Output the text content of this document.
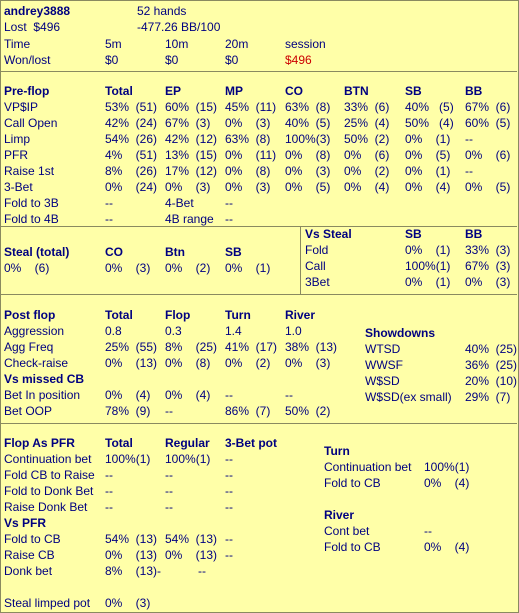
andrey3888	52 hands
Lost  $496	-477.26 BB/100
Time	5m	10m	20m	session
Won/lost	$0	$0	$0	$496
Pre-flop	Total	EP	MP	CO	BTN	SB	BB
VP$IP	53%  (51) 60%  (15) 45%  (11) 63%  (8) 33%  (6) 40%   (5) 67%  (6)
Call Open	42%  (24) 67%  (3) 0%    (3) 40%  (5) 25%  (4) 50%   (4) 60%  (5)
Limp	54%  (26) 42%  (12) 63%  (8) 100%(3) 50%  (2) 0%    (1) --
PFR	4%    (51) 13%  (15) 0%    (11) 0%    (8) 0%    (6) 0%    (5) 0%    (6)
Raise 1st	8%    (26) 17%  (12) 0%    (8) 0%    (3) 0%    (2) 0%    (1) --
3-Bet	0%    (24) 0%    (3) 0%    (3) 0%    (5) 0%    (4) 0%    (4) 0%    (5)
Fold to 3B	--	4-Bet	--
Fold to 4B	--	4B range --
Vs Steal	SB	BB
Fold	0%    (1) 33%  (3)
Call	100%(1) 67%  (3)
3Bet	0%    (1) 0%    (3)
Steal (total)	CO	Btn	SB
0%    (6)	0%    (3) 0%    (2) 0%    (1)
Post flop	Total	Flop	Turn	River
Aggression	0.8	0.3	1.4	1.0
Agg Freq	25%  (55) 8%    (25) 41%  (17) 38%  (13)
Check-raise	0%    (13) 0%    (8) 0%    (2) 0%    (3)
Vs missed CB
Bet In position 0%    (4) 0%    (4) --	--
Bet OOP	78%  (9) --	86%  (7) 50%  (2)
Showdowns
WTSD	40%  (25)
WWSF	36%  (25)
W$SD	20%  (10)
W$SD(ex small) 29%  (7)
Flop As PFR	Total	Regular 3-Bet pot
Continuation bet 100%(1) 100%(1) --
Fold CB to Raise --	--	--
Fold to Donk Bet --	--	--
Raise Donk Bet --	--	--
Vs PFR
Fold to CB	54%  (13) 54%  (13) --
Raise CB	0%    (13) 0%    (13) --
Donk bet	8%    (13)-	--
Steal limped pot 0%    (3)
Turn
Continuation bet 100%(1)
Fold to CB	0%    (4)
River
Cont bet	--
Fold to CB	0%    (4)
